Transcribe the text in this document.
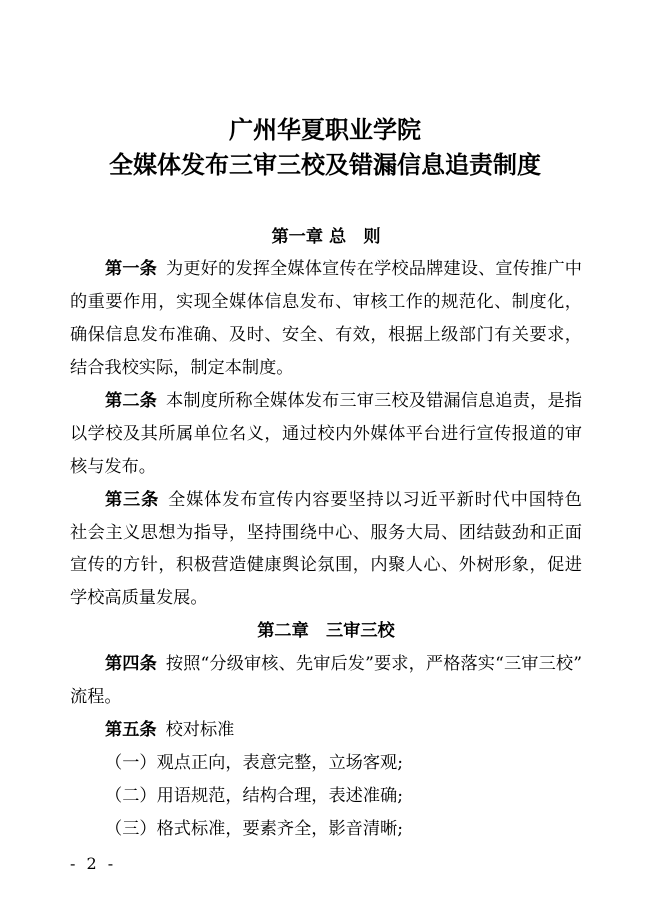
广州华夏职业学院
全媒体发布三审三校及错漏信息追责制度
第一章 总　则
第一条 为更好的发挥全媒体宣传在学校品牌建设、宣传推广中
的重要作用，实现全媒体信息发布、审核工作的规范化、制度化，
确保信息发布准确、及时、安全、有效，根据上级部门有关要求，
结合我校实际，制定本制度。
第二条 本制度所称全媒体发布三审三校及错漏信息追责，是指
以学校及其所属单位名义，通过校内外媒体平台进行宣传报道的审
核与发布。
第三条 全媒体发布宣传内容要坚持以习近平新时代中国特色
社会主义思想为指导，坚持围绕中心、服务大局、团结鼓劲和正面
宣传的方针，积极营造健康舆论氛围，内聚人心、外树形象，促进
学校高质量发展。
第二章　三审三校
第四条 按照“分级审核、先审后发”要求，严格落实“三审三校”
流程。
第五条 校对标准
（一）观点正向，表意完整，立场客观;
（二）用语规范，结构合理，表述准确;
（三）格式标准，要素齐全，影音清晰;
- 2 -
